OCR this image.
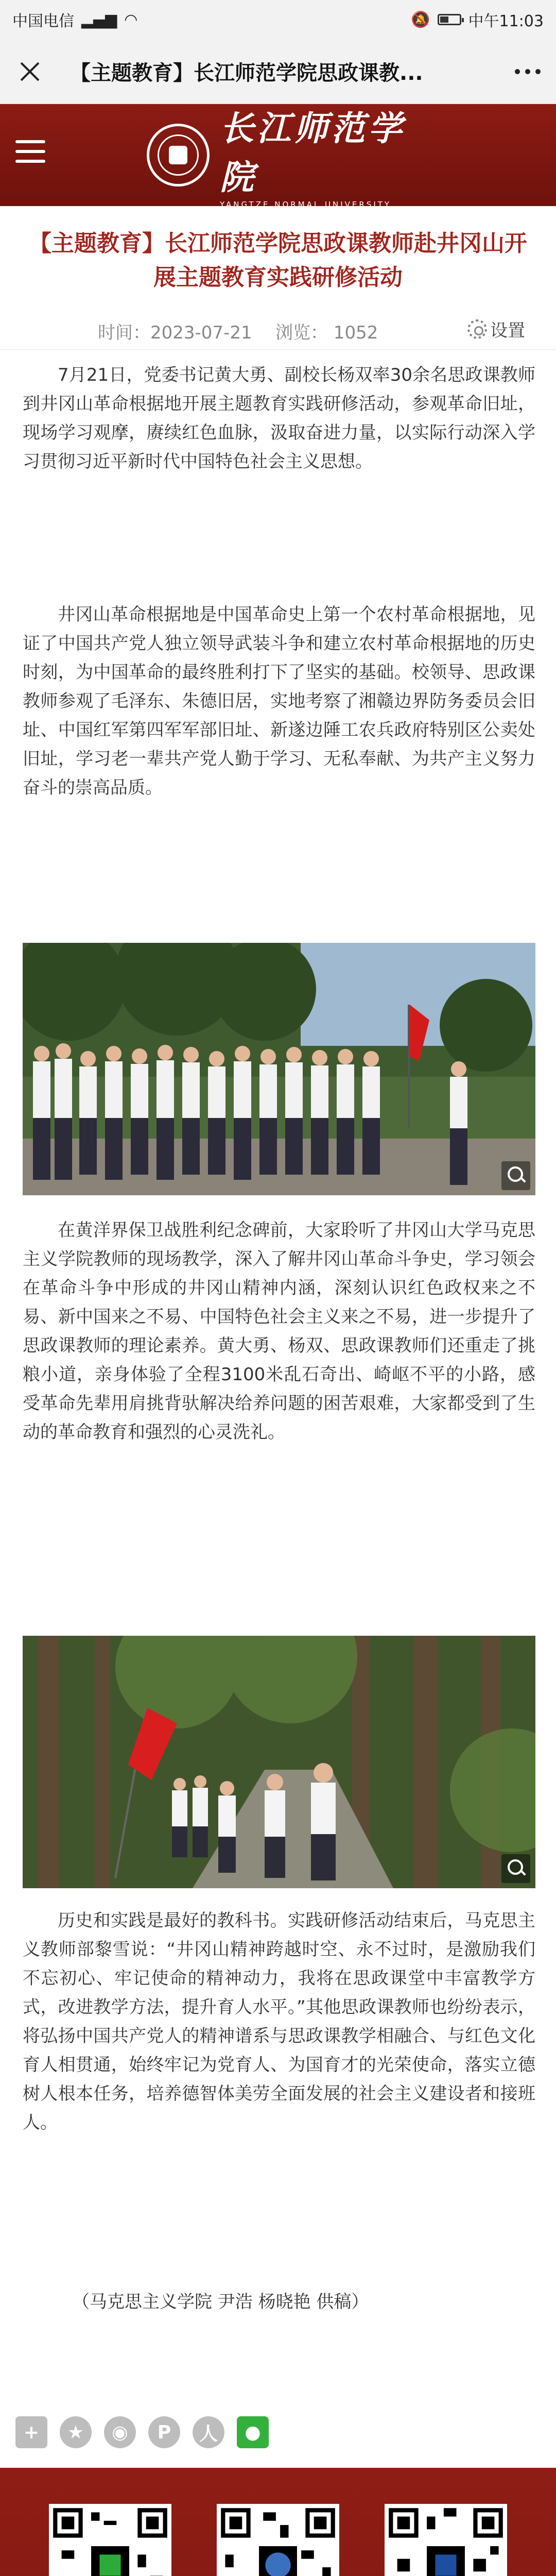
中国电信 ▂▄▆ ◠	🔕 中午11:03
【主题教育】长江师范学院思政课教...
长江师范学院
YANGTZE NORMAL UNIVERSITY
【主题教育】长江师范学院思政课教师赴井冈山开展主题教育实践研修活动
时间：2023-07-21 浏览： 1052	设置

7月21日，党委书记黄大勇、副校长杨双率30余名思政课教师到井冈山革命根据地开展主题教育实践研修活动，参观革命旧址，现场学习观摩，赓续红色血脉，汲取奋进力量，以实际行动深入学习贯彻习近平新时代中国特色社会主义思想。

井冈山革命根据地是中国革命史上第一个农村革命根据地，见证了中国共产党人独立领导武装斗争和建立农村革命根据地的历史时刻，为中国革命的最终胜利打下了坚实的基础。校领导、思政课教师参观了毛泽东、朱德旧居，实地考察了湘赣边界防务委员会旧址、中国红军第四军军部旧址、新遂边陲工农兵政府特别区公卖处旧址，学习老一辈共产党人勤于学习、无私奉献、为共产主义努力奋斗的崇高品质。

在黄洋界保卫战胜利纪念碑前，大家聆听了井冈山大学马克思主义学院教师的现场教学，深入了解井冈山革命斗争史，学习领会在革命斗争中形成的井冈山精神内涵，深刻认识红色政权来之不易、新中国来之不易、中国特色社会主义来之不易，进一步提升了思政课教师的理论素养。黄大勇、杨双、思政课教师们还重走了挑粮小道，亲身体验了全程3100米乱石奇出、崎岖不平的小路，感受革命先辈用肩挑背驮解决给养问题的困苦艰难，大家都受到了生动的革命教育和强烈的心灵洗礼。

历史和实践是最好的教科书。实践研修活动结束后，马克思主义教师部黎雪说：“井冈山精神跨越时空、永不过时，是激励我们不忘初心、牢记使命的精神动力，我将在思政课堂中丰富教学方式，改进教学方法，提升育人水平。”其他思政课教师也纷纷表示，将弘扬中国共产党人的精神谱系与思政课教学相融合、与红色文化育人相贯通，始终牢记为党育人、为国育才的光荣使命，落实立德树人根本任务，培养德智体美劳全面发展的社会主义建设者和接班人。

（马克思主义学院 尹浩 杨晓艳 供稿）
+	★	◉	P	人	●
